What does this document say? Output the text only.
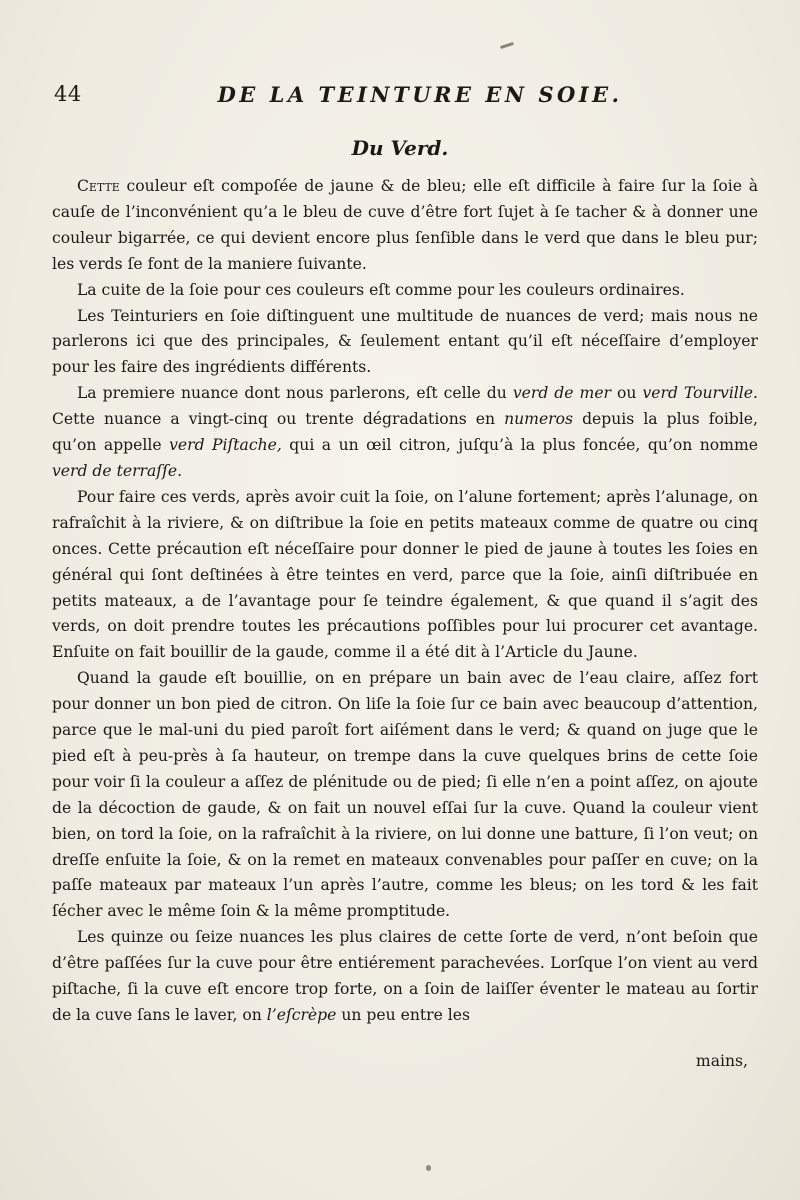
44	DE LA TEINTURE EN SOIE.
Du Verd.

Cette couleur eſt compoſée de jaune & de bleu; elle eſt difficile à faire ſur la ſoie à cauſe de l’inconvénient qu’a le bleu de cuve d’être fort ſujet à ſe tacher & à donner une couleur bigarrée, ce qui devient encore plus ſenſible dans le verd que dans le bleu pur; les verds ſe font de la maniere ſuivante.

La cuite de la ſoie pour ces couleurs eſt comme pour les couleurs ordinaires.

Les Teinturiers en ſoie diſtinguent une multitude de nuances de verd; mais nous ne parlerons ici que des principales, & ſeulement entant qu’il eſt néceſſaire d’employer pour les faire des ingrédients différents.

La premiere nuance dont nous parlerons, eſt celle du verd de mer ou verd Tourville. Cette nuance a vingt-cinq ou trente dégradations en numeros depuis la plus foible, qu’on appelle verd Piſtache, qui a un œil citron, juſqu’à la plus foncée, qu’on nomme verd de terraſſe.

Pour faire ces verds, après avoir cuit la ſoie, on l’alune fortement; après l’alunage, on rafraîchit à la riviere, & on diſtribue la ſoie en petits mateaux comme de quatre ou cinq onces. Cette précaution eſt néceſſaire pour donner le pied de jaune à toutes les ſoies en général qui ſont deſtinées à être teintes en verd, parce que la ſoie, ainſi diſtribuée en petits mateaux, a de l’avantage pour ſe teindre également, & que quand il s’agit des verds, on doit prendre toutes les précautions poſſibles pour lui procurer cet avantage. Enſuite on fait bouillir de la gaude, comme il a été dit à l’Article du Jaune.

Quand la gaude eſt bouillie, on en prépare un bain avec de l’eau claire, aſſez fort pour donner un bon pied de citron. On liſe la ſoie ſur ce bain avec beaucoup d’attention, parce que le mal-uni du pied paroît fort aiſément dans le verd; & quand on juge que le pied eſt à peu-près à ſa hauteur, on trempe dans la cuve quelques brins de cette ſoie pour voir ſi la couleur a aſſez de plénitude ou de pied; ſi elle n’en a point aſſez, on ajoute de la décoction de gaude, & on fait un nouvel eſſai ſur la cuve. Quand la couleur vient bien, on tord la ſoie, on la rafraîchit à la riviere, on lui donne une batture, ſi l’on veut; on dreſſe enſuite la ſoie, & on la remet en mateaux convenables pour paſſer en cuve; on la paſſe mateaux par mateaux l’un après l’autre, comme les bleus; on les tord & les fait ſécher avec le même ſoin & la même promptitude.

Les quinze ou ſeize nuances les plus claires de cette ſorte de verd, n’ont beſoin que d’être paſſées ſur la cuve pour être entiérement parachevées. Lorſque l’on vient au verd piſtache, ſi la cuve eſt encore trop forte, on a ſoin de laiſſer éventer le mateau au ſortir de la cuve ſans le laver, on l’eſcrèpe un peu entre les

mains,
